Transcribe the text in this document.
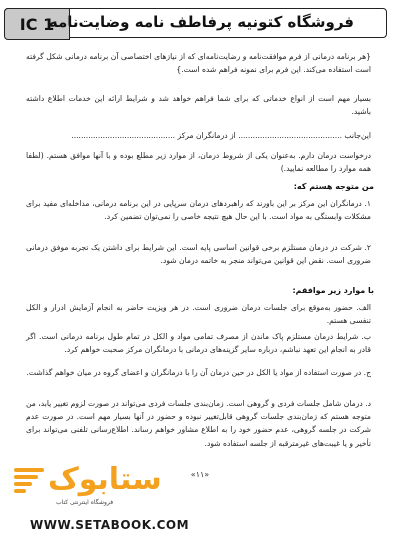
IC 1
فروشگاه کتونیه پرفاطف نامه وضایت‌نامه

{هر برنامه درمانی از فرم موافقت‌نامه و رضایت‌نامه‌ای که از نیازهای اختصاصی آن برنامه درمانی شکل گرفته است استفاده می‌کند. این فرم برای نمونه فراهم شده است.}

بسیار مهم است از انواع خدماتی که برای شما فراهم خواهد شد و شرایط ارائه این خدمات اطلاع داشته باشید.

این‌جانب ........................................... از درمانگران مرکز ...........................................

درخواست درمان دارم. به‌عنوان یکی از شروط درمان، از موارد زیر مطلع بوده و با آنها موافق هستم. (لطفا همه موارد را مطالعه نمایید.)

من متوجه هستم که:

۱. درمانگران این مرکز بر این باورند که راهبردهای درمان سرپایی در این برنامه درمانی، مداخله‌ای مفید برای مشکلات وابستگی به مواد است. با این حال هیچ نتیجه خاصی را نمی‌توان تضمین کرد.

۲. شرکت در درمان مستلزم برخی قوانین اساسی پایه است. این شرایط برای داشتن یک تجربه موفق درمانی ضروری است. نقض این قوانین می‌تواند منجر به خاتمه درمان شود.

با موارد زیر موافقم:

الف. حضور به‌موقع برای جلسات درمان ضروری است. در هر ویزیت حاضر به انجام آزمایش ادرار و الکل تنفسی هستم.

ب. شرایط درمان مستلزم پاک ماندن از مصرف تمامی مواد و الکل در تمام طول برنامه درمانی است. اگر قادر به انجام این تعهد نباشم، درباره سایر گزینه‌های درمانی با درمانگران مرکز صحبت خواهم کرد.

ج. در صورت استفاده از مواد یا الکل در حین درمان آن را با درمانگران و اعضای گروه در میان خواهم گذاشت.

د. درمان شامل جلسات فردی و گروهی است. زمان‌بندی جلسات فردی می‌تواند در صورت لزوم تغییر یابد، من متوجه هستم که زمان‌بندی جلسات گروهی قابل‌تغییر نبوده و حضور در آنها بسیار مهم است. در صورت عدم شرکت در جلسه گروهی، عدم حضور خود را به اطلاع مشاور خواهم رساند. اطلاع‌رسانی تلفنی می‌تواند برای تأخیر و یا غیبت‌های غیرمترقبه از جلسه استفاده شود.

«۱۱»
ستابوک
فروشگاه اینترنتی کتاب
WWW.SETABOOK.COM
